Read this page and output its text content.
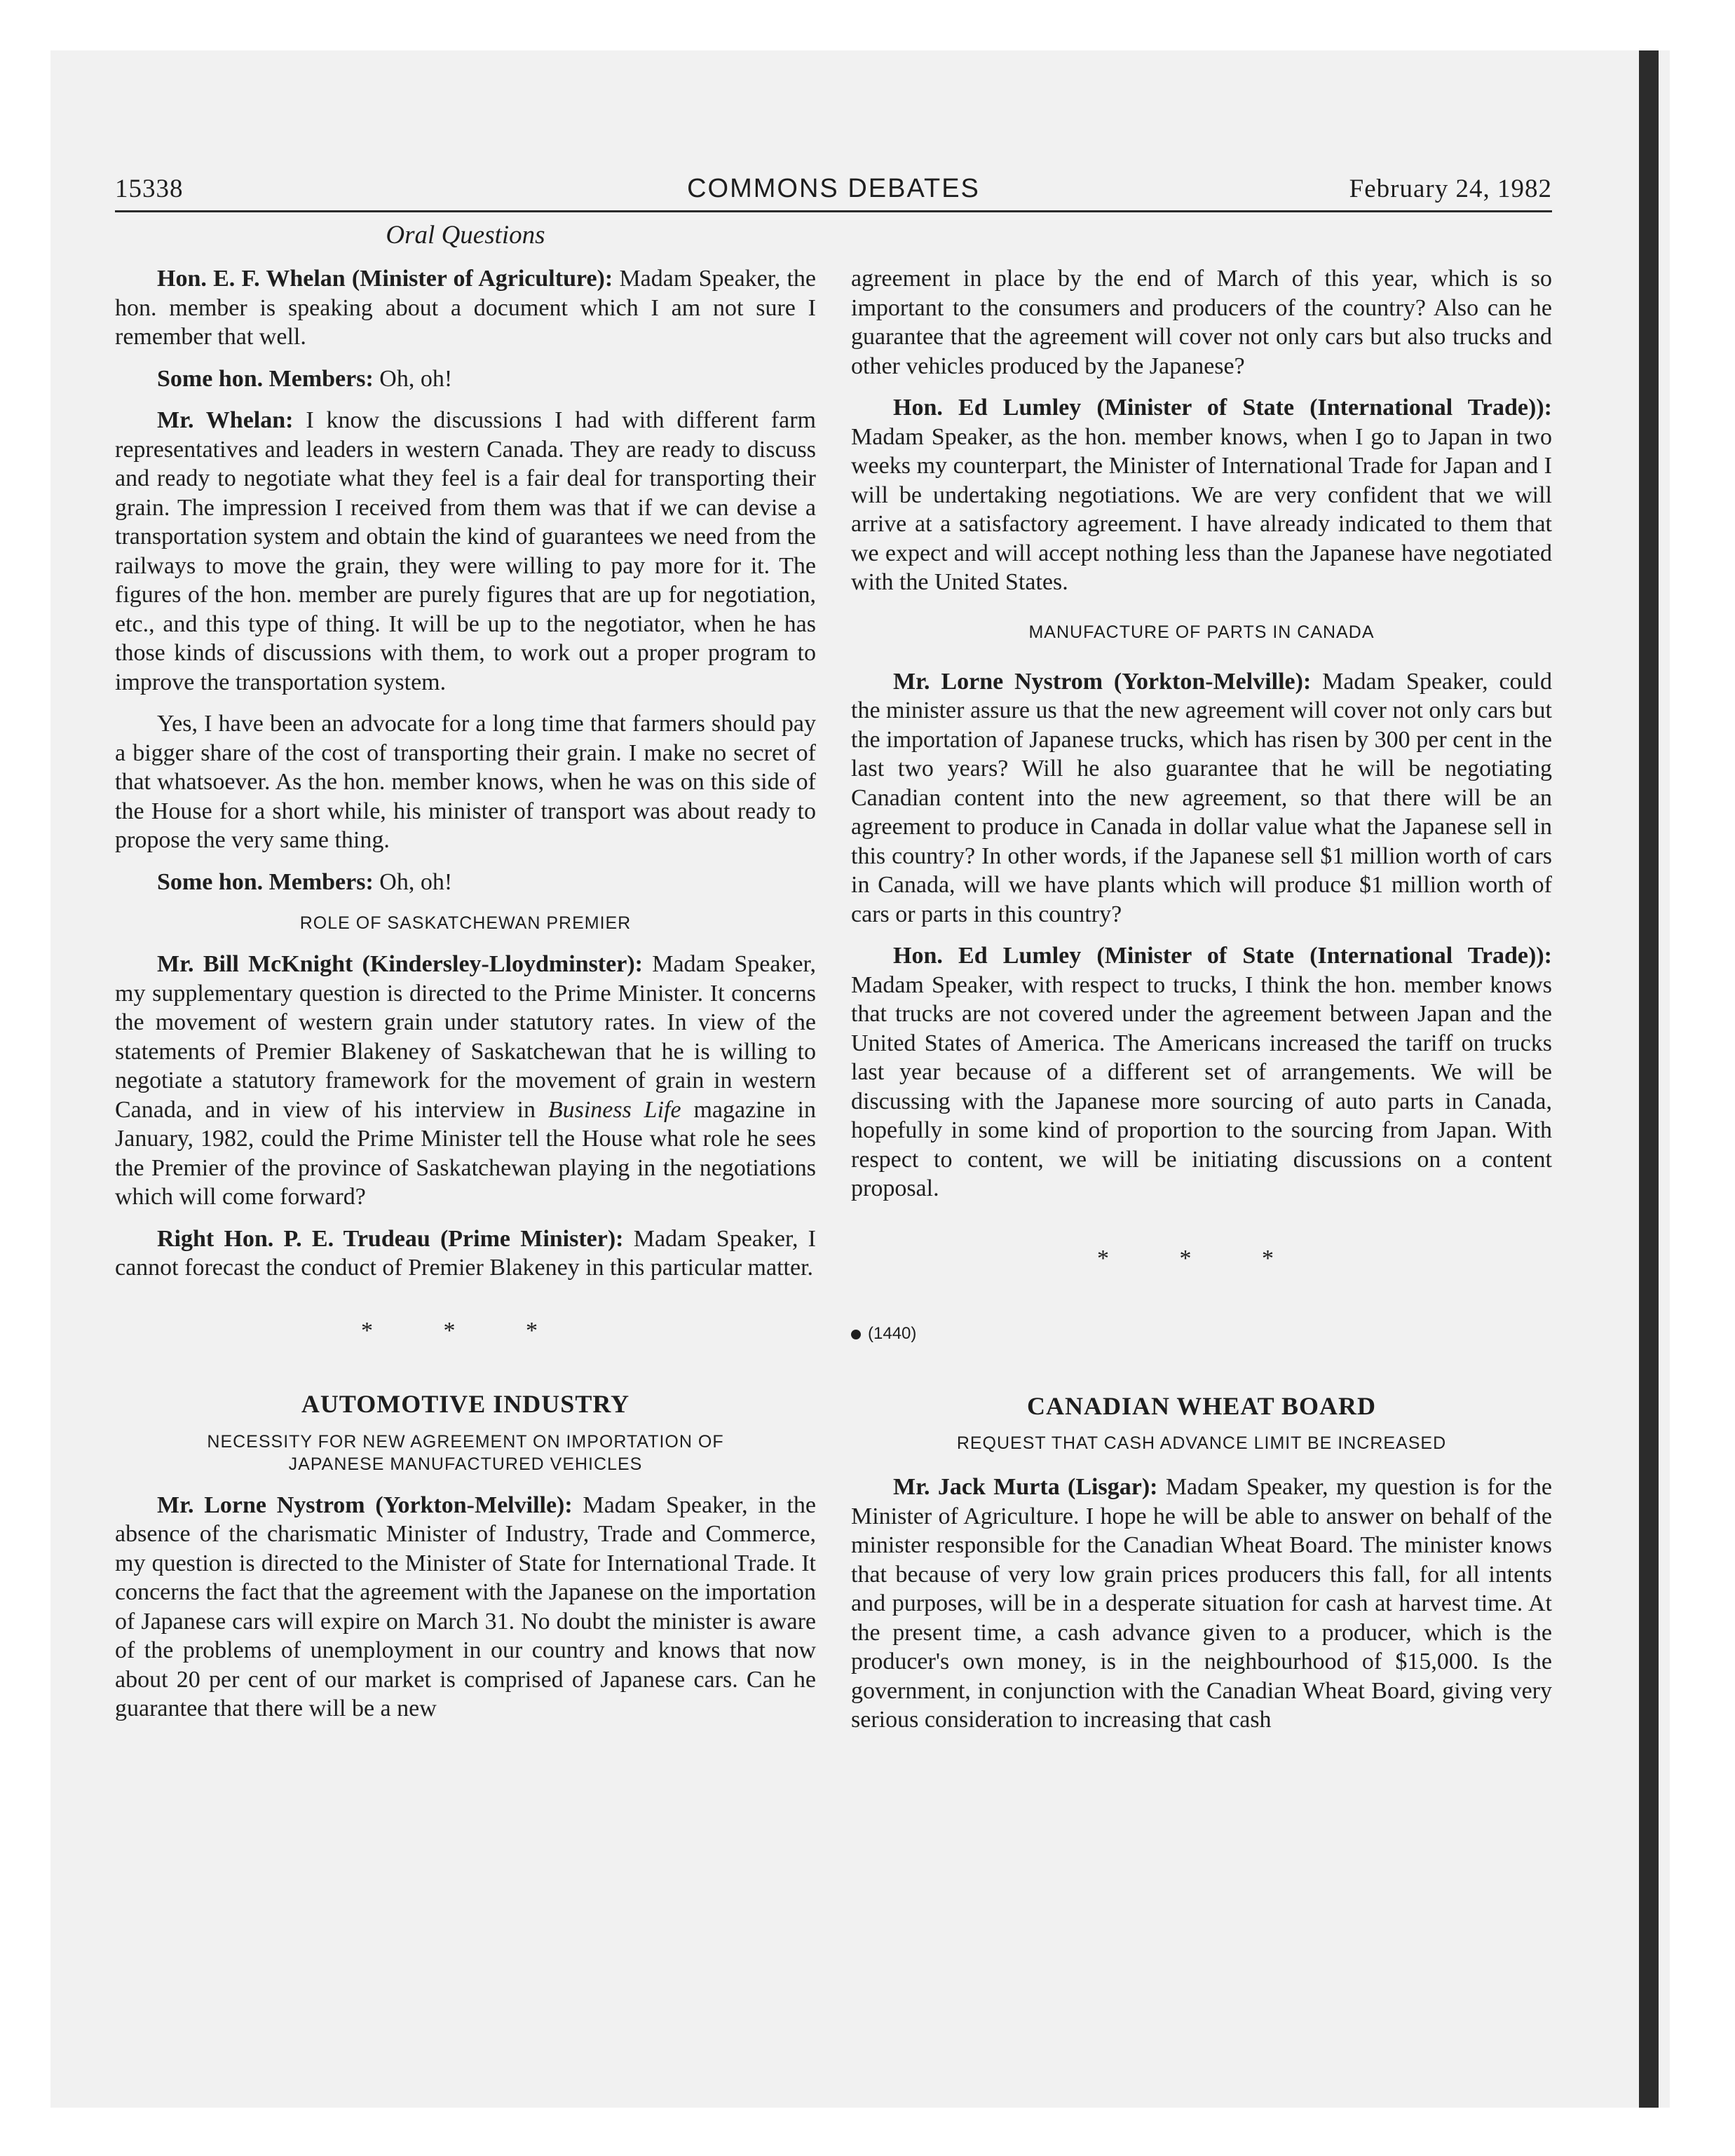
COMMONS DEBATES
15338	February 24, 1982
Oral Questions

Hon. E. F. Whelan (Minister of Agriculture): Madam Speaker, the hon. member is speaking about a document which I am not sure I remember that well.

Some hon. Members: Oh, oh!

Mr. Whelan: I know the discussions I had with different farm representatives and leaders in western Canada. They are ready to discuss and ready to negotiate what they feel is a fair deal for transporting their grain. The impression I received from them was that if we can devise a transportation system and obtain the kind of guarantees we need from the railways to move the grain, they were willing to pay more for it. The figures of the hon. member are purely figures that are up for negotiation, etc., and this type of thing. It will be up to the negotiator, when he has those kinds of discussions with them, to work out a proper program to improve the transportation system.

Yes, I have been an advocate for a long time that farmers should pay a bigger share of the cost of transporting their grain. I make no secret of that whatsoever. As the hon. member knows, when he was on this side of the House for a short while, his minister of transport was about ready to propose the very same thing.

Some hon. Members: Oh, oh!

ROLE OF SASKATCHEWAN PREMIER

Mr. Bill McKnight (Kindersley-Lloydminster): Madam Speaker, my supplementary question is directed to the Prime Minister. It concerns the movement of western grain under statutory rates. In view of the statements of Premier Blakeney of Saskatchewan that he is willing to negotiate a statutory framework for the movement of grain in western Canada, and in view of his interview in Business Life magazine in January, 1982, could the Prime Minister tell the House what role he sees the Premier of the province of Saskatchewan playing in the negotiations which will come forward?

Right Hon. P. E. Trudeau (Prime Minister): Madam Speaker, I cannot forecast the conduct of Premier Blakeney in this particular matter.

* * *
AUTOMOTIVE INDUSTRY
NECESSITY FOR NEW AGREEMENT ON IMPORTATION OF JAPANESE MANUFACTURED VEHICLES

Mr. Lorne Nystrom (Yorkton-Melville): Madam Speaker, in the absence of the charismatic Minister of Industry, Trade and Commerce, my question is directed to the Minister of State for International Trade. It concerns the fact that the agreement with the Japanese on the importation of Japanese cars will expire on March 31. No doubt the minister is aware of the problems of unemployment in our country and knows that now about 20 per cent of our market is comprised of Japanese cars. Can he guarantee that there will be a new

agreement in place by the end of March of this year, which is so important to the consumers and producers of the country? Also can he guarantee that the agreement will cover not only cars but also trucks and other vehicles produced by the Japanese?

Hon. Ed Lumley (Minister of State (International Trade)): Madam Speaker, as the hon. member knows, when I go to Japan in two weeks my counterpart, the Minister of International Trade for Japan and I will be undertaking negotiations. We are very confident that we will arrive at a satisfactory agreement. I have already indicated to them that we expect and will accept nothing less than the Japanese have negotiated with the United States.

MANUFACTURE OF PARTS IN CANADA

Mr. Lorne Nystrom (Yorkton-Melville): Madam Speaker, could the minister assure us that the new agreement will cover not only cars but the importation of Japanese trucks, which has risen by 300 per cent in the last two years? Will he also guarantee that he will be negotiating Canadian content into the new agreement, so that there will be an agreement to produce in Canada in dollar value what the Japanese sell in this country? In other words, if the Japanese sell $1 million worth of cars in Canada, will we have plants which will produce $1 million worth of cars or parts in this country?

Hon. Ed Lumley (Minister of State (International Trade)): Madam Speaker, with respect to trucks, I think the hon. member knows that trucks are not covered under the agreement between Japan and the United States of America. The Americans increased the tariff on trucks last year because of a different set of arrangements. We will be discussing with the Japanese more sourcing of auto parts in Canada, hopefully in some kind of proportion to the sourcing from Japan. With respect to content, we will be initiating discussions on a content proposal.

* * *
(1440)
CANADIAN WHEAT BOARD
REQUEST THAT CASH ADVANCE LIMIT BE INCREASED

Mr. Jack Murta (Lisgar): Madam Speaker, my question is for the Minister of Agriculture. I hope he will be able to answer on behalf of the minister responsible for the Canadian Wheat Board. The minister knows that because of very low grain prices producers this fall, for all intents and purposes, will be in a desperate situation for cash at harvest time. At the present time, a cash advance given to a producer, which is the producer's own money, is in the neighbourhood of $15,000. Is the government, in conjunction with the Canadian Wheat Board, giving very serious consideration to increasing that cash
